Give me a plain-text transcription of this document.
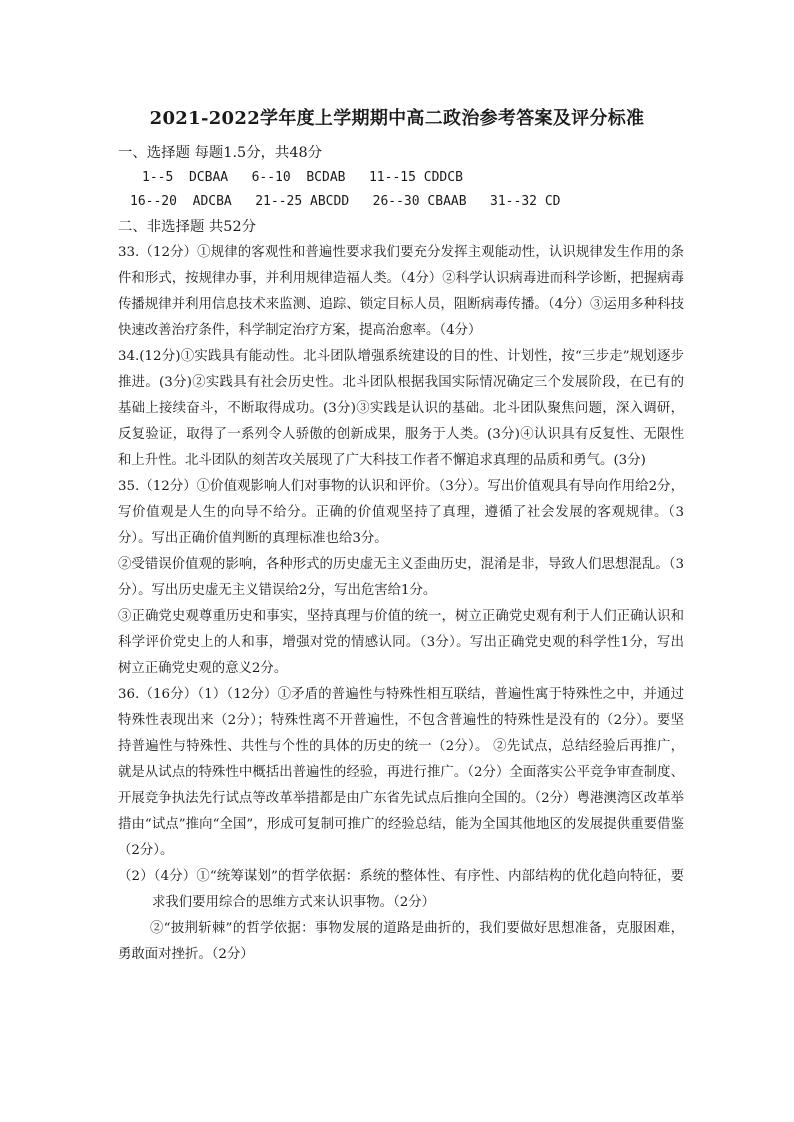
2021-2022学年度上学期期中高二政治参考答案及评分标准
一、选择题 每题1.5分，共48分
1--5  DCBAA   6--10  BCDAB   11--15 CDDCB
16--20  ADCBA   21--25 ABCDD   26--30 CBAAB   31--32 CD
二、非选择题 共52分

33.（12分）①规律的客观性和普遍性要求我们要充分发挥主观能动性，认识规律发生作用的条件和形式，按规律办事，并利用规律造福人类。（4分）②科学认识病毒进而科学诊断，把握病毒传播规律并利用信息技术来监测、追踪、锁定目标人员，阻断病毒传播。（4分）③运用多种科技快速改善治疗条件，科学制定治疗方案，提高治愈率。（4分）

34.(12分)①实践具有能动性。北斗团队增强系统建设的目的性、计划性，按“三步走”规划逐步推进。(3分)②实践具有社会历史性。北斗团队根据我国实际情况确定三个发展阶段，在已有的基础上接续奋斗，不断取得成功。(3分)③实践是认识的基础。北斗团队聚焦问题，深入调研，反复验证，取得了一系列令人骄傲的创新成果，服务于人类。(3分)④认识具有反复性、无限性和上升性。北斗团队的刻苦攻关展现了广大科技工作者不懈追求真理的品质和勇气。(3分)

35.（12分）①价值观影响人们对事物的认识和评价。（3分）。写出价值观具有导向作用给2分，写价值观是人生的向导不给分。正确的价值观坚持了真理，遵循了社会发展的客观规律。（3分）。写出正确价值判断的真理标准也给3分。

②受错误价值观的影响，各种形式的历史虚无主义歪曲历史，混淆是非，导致人们思想混乱。（3分）。写出历史虚无主义错误给2分，写出危害给1分。

③正确党史观尊重历史和事实，坚持真理与价值的统一，树立正确党史观有利于人们正确认识和科学评价党史上的人和事，增强对党的情感认同。（3分）。写出正确党史观的科学性1分，写出树立正确党史观的意义2分。

36.（16分）（1）（12分）①矛盾的普遍性与特殊性相互联结，普遍性寓于特殊性之中，并通过特殊性表现出来（2分）；特殊性离不开普遍性，不包含普遍性的特殊性是没有的（2分）。要坚持普遍性与特殊性、共性与个性的具体的历史的统一（2分）。 ②先试点，总结经验后再推广，就是从试点的特殊性中概括出普遍性的经验，再进行推广。（2分）全面落实公平竞争审查制度、开展竞争执法先行试点等改革举措都是由广东省先试点后推向全国的。（2分）粤港澳湾区改革举措由“试点”推向“全国”，形成可复制可推广的经验总结，能为全国其他地区的发展提供重要借鉴（2分）。

（2）（4分）①“统筹谋划”的哲学依据：系统的整体性、有序性、内部结构的优化趋向特征，要求我们要用综合的思维方式来认识事物。（2分）

②“披荆斩棘”的哲学依据：事物发展的道路是曲折的，我们要做好思想准备，克服困难，勇敢面对挫折。（2分）
